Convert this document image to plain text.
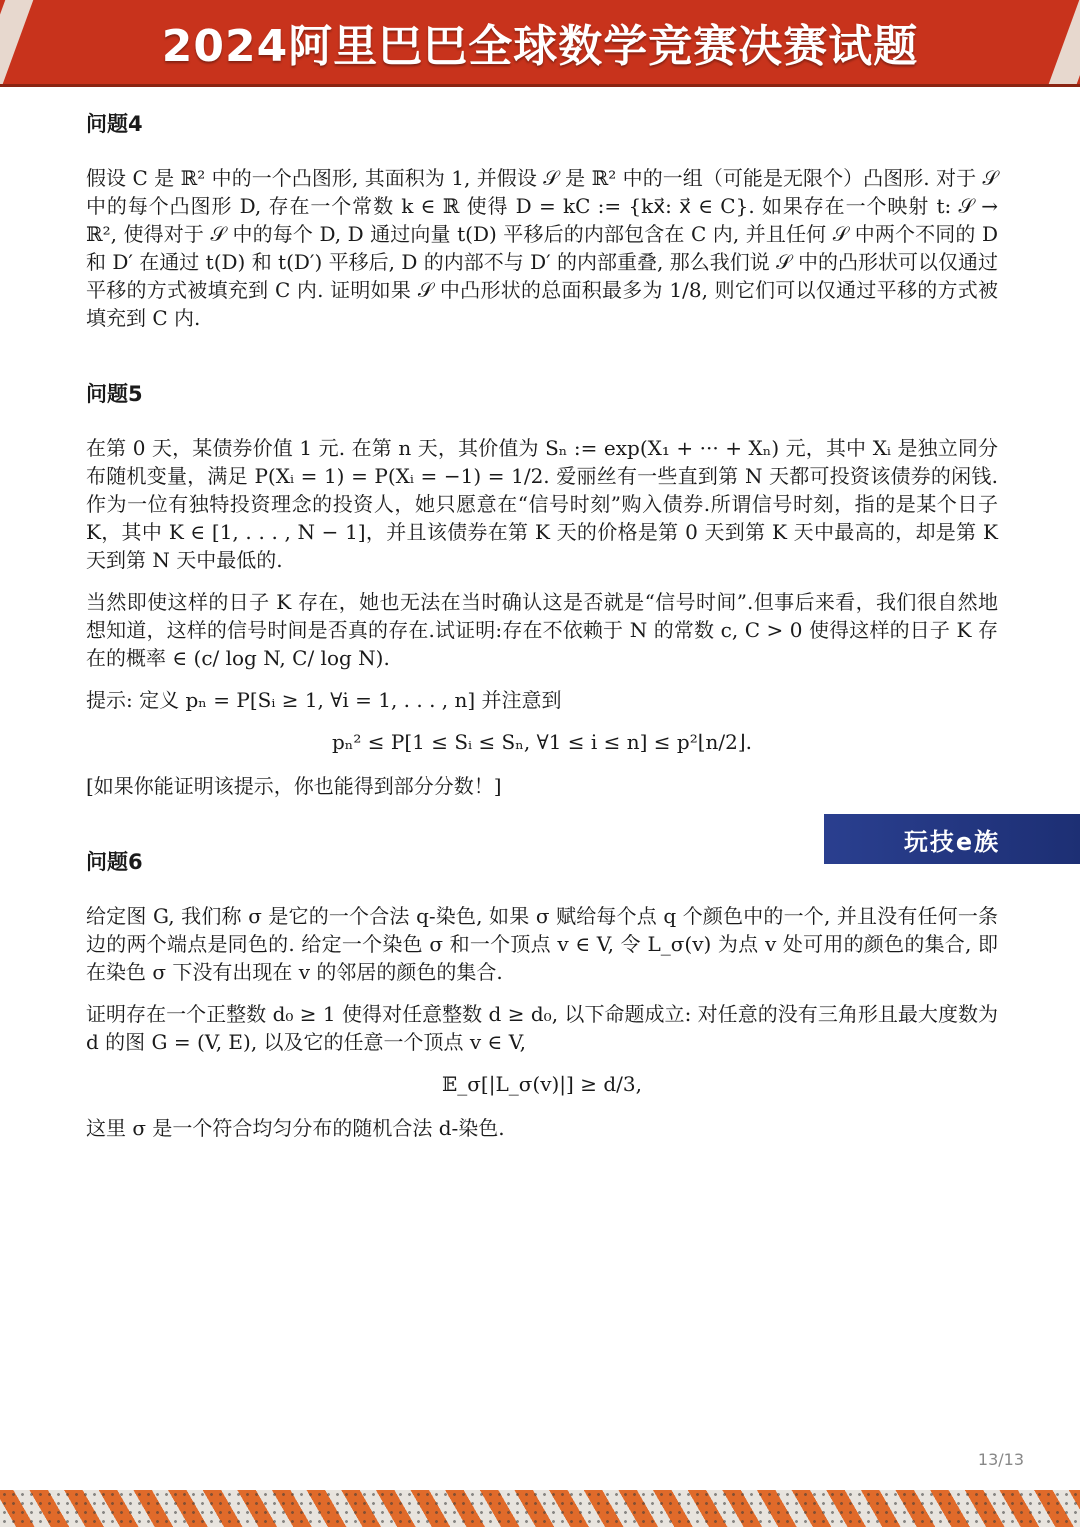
2024阿里巴巴全球数学竞赛决赛试题
问题4

假设 C 是 ℝ² 中的一个凸图形, 其面积为 1, 并假设 𝒮 是 ℝ² 中的一组（可能是无限个）凸图形. 对于 𝒮 中的每个凸图形 D, 存在一个常数 k ∈ ℝ 使得 D = kC := {kx⃗: x⃗ ∈ C}. 如果存在一个映射 t: 𝒮 → ℝ², 使得对于 𝒮 中的每个 D, D 通过向量 t(D) 平移后的内部包含在 C 内, 并且任何 𝒮 中两个不同的 D 和 D′ 在通过 t(D) 和 t(D′) 平移后, D 的内部不与 D′ 的内部重叠, 那么我们说 𝒮 中的凸形状可以仅通过平移的方式被填充到 C 内. 证明如果 𝒮 中凸形状的总面积最多为 1/8, 则它们可以仅通过平移的方式被填充到 C 内.

问题5

在第 0 天，某债券价值 1 元. 在第 n 天，其价值为 Sₙ := exp(X₁ + ··· + Xₙ) 元，其中 Xᵢ 是独立同分布随机变量，满足 P(Xᵢ = 1) = P(Xᵢ = −1) = 1/2. 爱丽丝有一些直到第 N 天都可投资该债券的闲钱.作为一位有独特投资理念的投资人，她只愿意在“信号时刻”购入债券.所谓信号时刻，指的是某个日子 K，其中 K ∈ [1, . . . , N − 1]，并且该债券在第 K 天的价格是第 0 天到第 K 天中最高的，却是第 K 天到第 N 天中最低的.

当然即使这样的日子 K 存在，她也无法在当时确认这是否就是“信号时间”.但事后来看，我们很自然地想知道，这样的信号时间是否真的存在.试证明:存在不依赖于 N 的常数 c, C > 0 使得这样的日子 K 存在的概率 ∈ (c/ log N, C/ log N).

提示: 定义 pₙ = P[Sᵢ ≥ 1, ∀i = 1, . . . , n] 并注意到

pₙ² ≤ P[1 ≤ Sᵢ ≤ Sₙ, ∀1 ≤ i ≤ n] ≤ p²⌊n/2⌋.

[如果你能证明该提示，你也能得到部分分数！]

问题6

给定图 G, 我们称 σ 是它的一个合法 q-染色, 如果 σ 赋给每个点 q 个颜色中的一个, 并且没有任何一条边的两个端点是同色的. 给定一个染色 σ 和一个顶点 v ∈ V, 令 L_σ(v) 为点 v 处可用的颜色的集合, 即在染色 σ 下没有出现在 v 的邻居的颜色的集合.

证明存在一个正整数 d₀ ≥ 1 使得对任意整数 d ≥ d₀, 以下命题成立: 对任意的没有三角形且最大度数为 d 的图 G = (V, E), 以及它的任意一个顶点 v ∈ V,

𝔼_σ[|L_σ(v)|] ≥ d/3,

这里 σ 是一个符合均匀分布的随机合法 d-染色.

玩技e族
13/13
